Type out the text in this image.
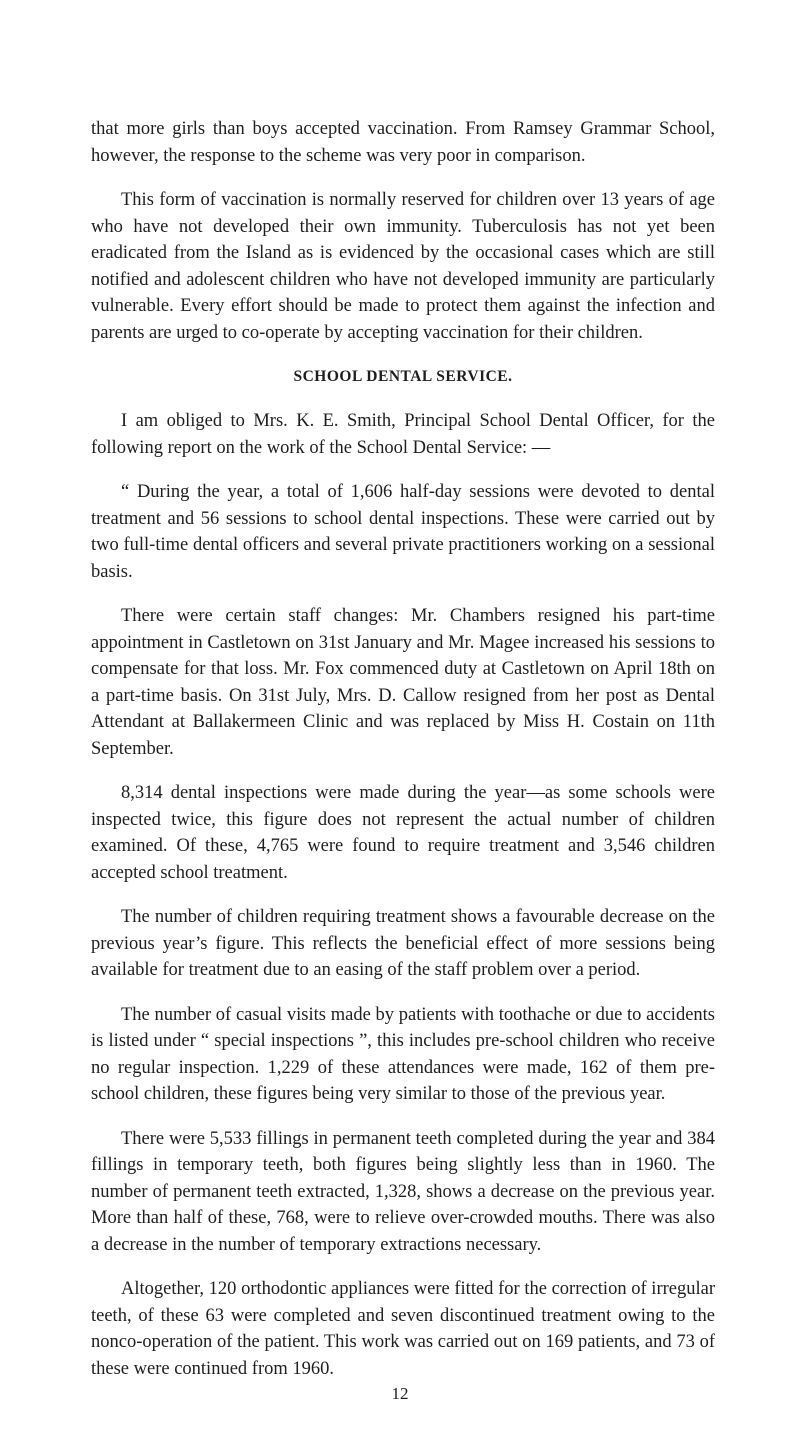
that more girls than boys accepted vaccination. From Ramsey Grammar School, however, the response to the scheme was very poor in comparison.

This form of vaccination is normally reserved for children over 13 years of age who have not developed their own immunity. Tuberculosis has not yet been eradicated from the Island as is evidenced by the occasional cases which are still notified and adolescent children who have not developed immunity are particularly vulnerable. Every effort should be made to protect them against the infection and parents are urged to co-operate by accepting vaccination for their children.

SCHOOL DENTAL SERVICE.

I am obliged to Mrs. K. E. Smith, Principal School Dental Officer, for the following report on the work of the School Dental Service: —

“ During the year, a total of 1,606 half-day sessions were devoted to dental treatment and 56 sessions to school dental inspections. These were carried out by two full-time dental officers and several private practitioners working on a sessional basis.

There were certain staff changes: Mr. Chambers resigned his part-time appointment in Castletown on 31st January and Mr. Magee increased his sessions to compensate for that loss. Mr. Fox commenced duty at Castletown on April 18th on a part-time basis. On 31st July, Mrs. D. Callow resigned from her post as Dental Attendant at Ballakermeen Clinic and was replaced by Miss H. Costain on 11th September.

8,314 dental inspections were made during the year—as some schools were inspected twice, this figure does not represent the actual number of children examined. Of these, 4,765 were found to require treatment and 3,546 children accepted school treatment.

The number of children requiring treatment shows a favourable decrease on the previous year’s figure. This reflects the beneficial effect of more sessions being available for treatment due to an easing of the staff problem over a period.

The number of casual visits made by patients with toothache or due to accidents is listed under “ special inspections ”, this includes pre-school children who receive no regular inspection. 1,229 of these attendances were made, 162 of them pre-school children, these figures being very similar to those of the previous year.

There were 5,533 fillings in permanent teeth completed during the year and 384 fillings in temporary teeth, both figures being slightly less than in 1960. The number of permanent teeth extracted, 1,328, shows a decrease on the previous year. More than half of these, 768, were to relieve over-crowded mouths. There was also a decrease in the number of temporary extractions necessary.

Altogether, 120 orthodontic appliances were fitted for the correction of irregular teeth, of these 63 were completed and seven discontinued treatment owing to the nonco-operation of the patient. This work was carried out on 169 patients, and 73 of these were continued from 1960.

12
